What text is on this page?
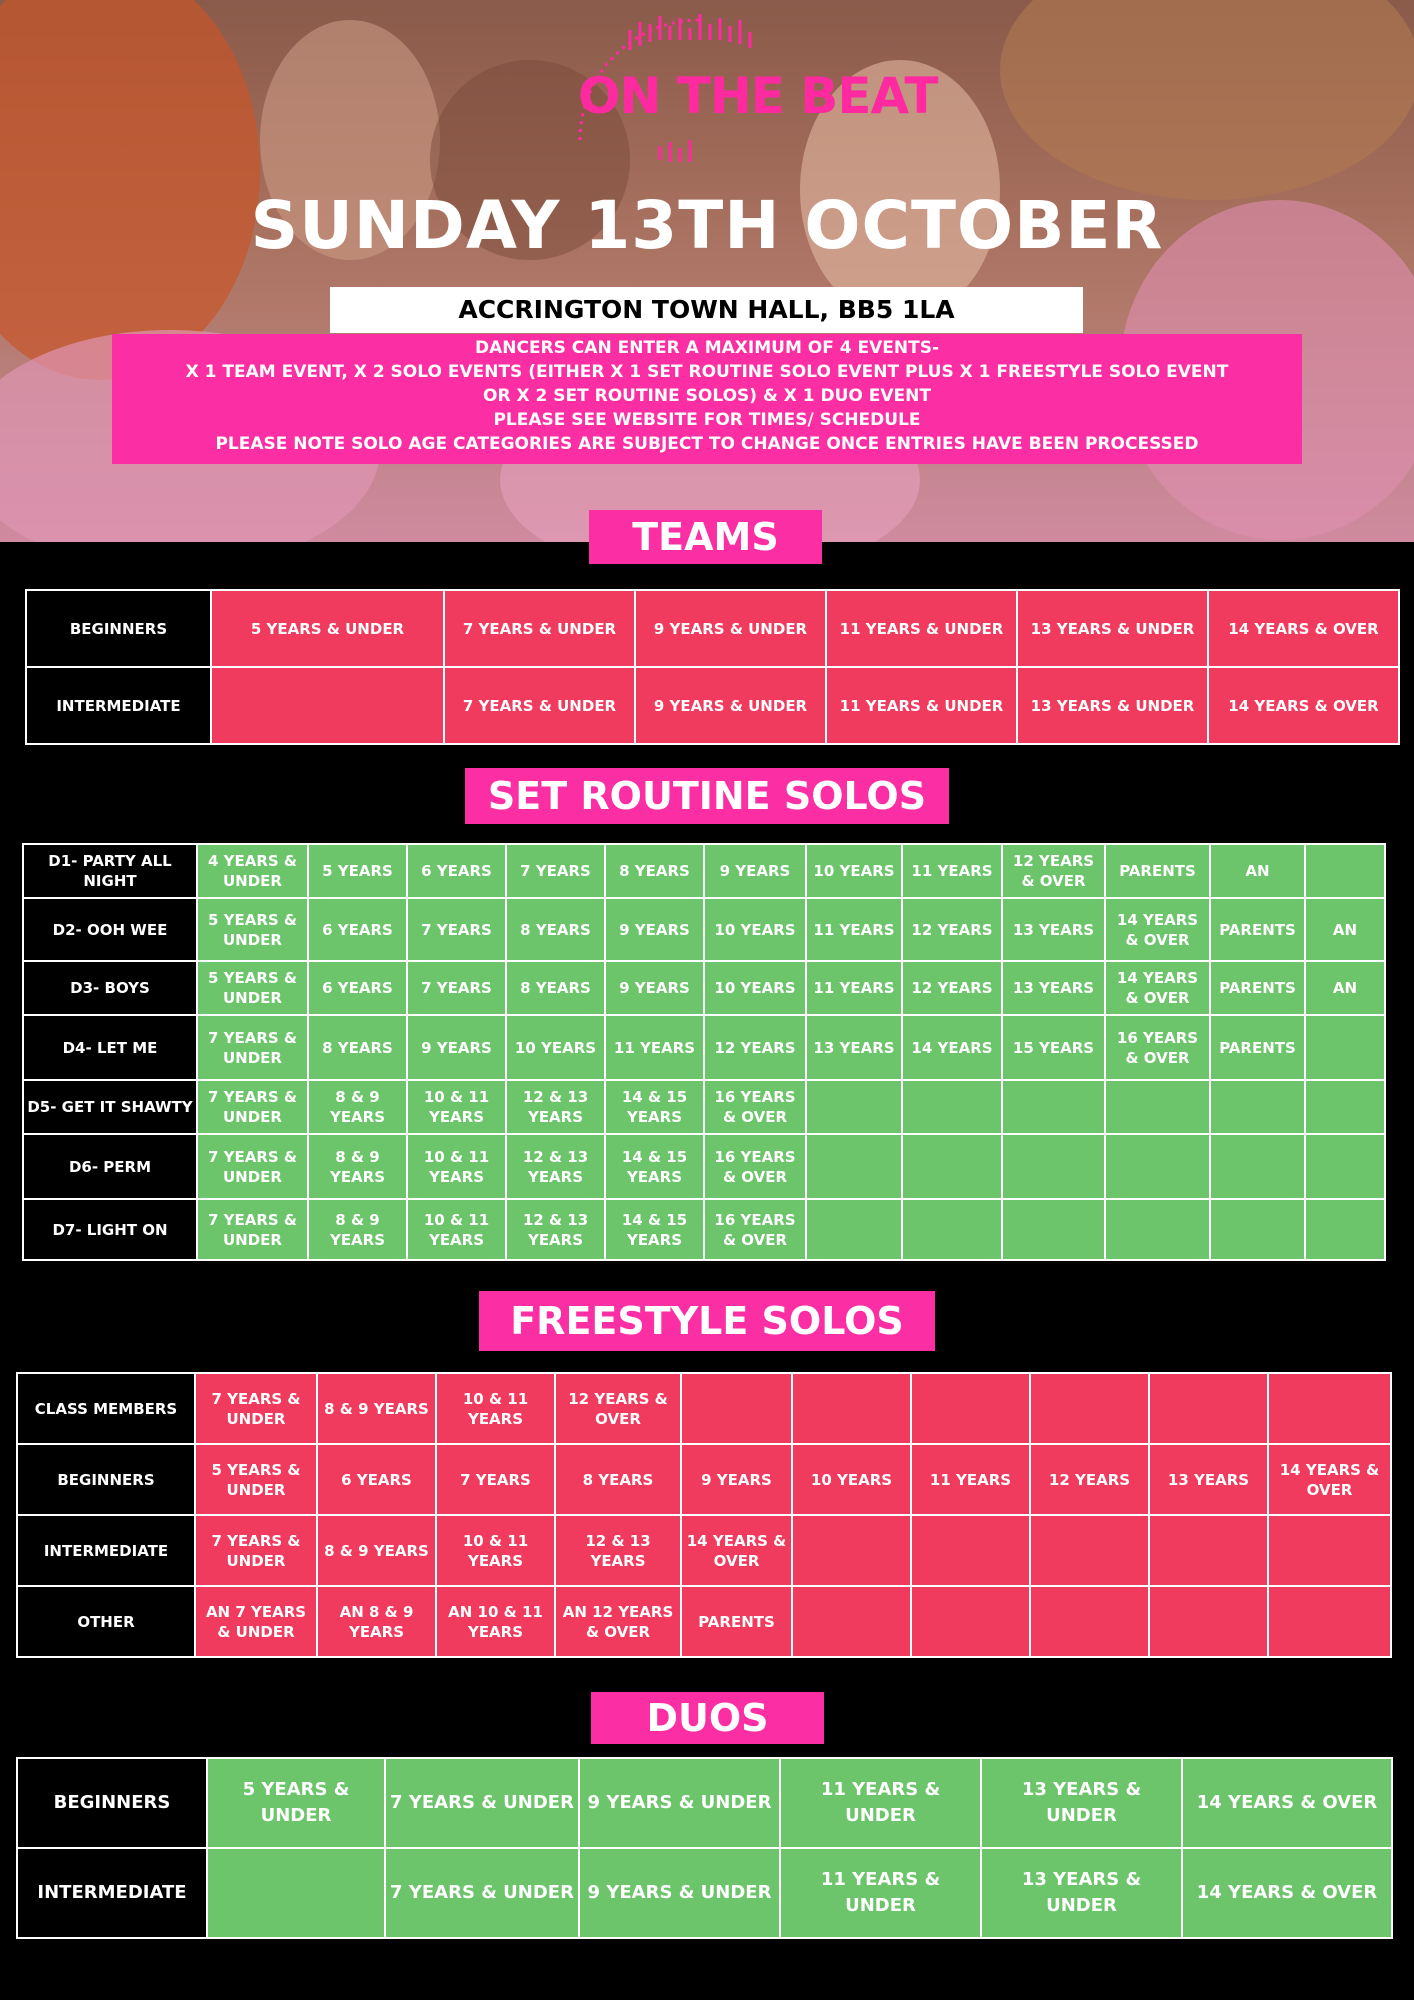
ON THE BEAT
SUNDAY 13TH OCTOBER
ACCRINGTON TOWN HALL, BB5 1LA
DANCERS CAN ENTER A MAXIMUM OF 4 EVENTS-
X 1 TEAM EVENT, X 2 SOLO EVENTS (EITHER X 1 SET ROUTINE SOLO EVENT PLUS X 1 FREESTYLE SOLO EVENT
OR X 2 SET ROUTINE SOLOS) & X 1 DUO EVENT
PLEASE SEE WEBSITE FOR TIMES/ SCHEDULE
PLEASE NOTE SOLO AGE CATEGORIES ARE SUBJECT TO CHANGE ONCE ENTRIES HAVE BEEN PROCESSED
TEAMS
BEGINNERS	5 YEARS & UNDER	7 YEARS & UNDER	9 YEARS & UNDER	11 YEARS & UNDER	13 YEARS & UNDER	14 YEARS & OVER
INTERMEDIATE		7 YEARS & UNDER	9 YEARS & UNDER	11 YEARS & UNDER	13 YEARS & UNDER	14 YEARS & OVER
SET ROUTINE SOLOS
D1- PARTY ALL NIGHT	4 YEARS & UNDER	5 YEARS	6 YEARS	7 YEARS	8 YEARS	9 YEARS	10 YEARS	11 YEARS	12 YEARS & OVER	PARENTS	AN	
D2- OOH WEE	5 YEARS & UNDER	6 YEARS	7 YEARS	8 YEARS	9 YEARS	10 YEARS	11 YEARS	12 YEARS	13 YEARS	14 YEARS & OVER	PARENTS	AN
D3- BOYS	5 YEARS & UNDER	6 YEARS	7 YEARS	8 YEARS	9 YEARS	10 YEARS	11 YEARS	12 YEARS	13 YEARS	14 YEARS & OVER	PARENTS	AN
D4- LET ME	7 YEARS & UNDER	8 YEARS	9 YEARS	10 YEARS	11 YEARS	12 YEARS	13 YEARS	14 YEARS	15 YEARS	16 YEARS & OVER	PARENTS	
D5- GET IT SHAWTY	7 YEARS & UNDER	8 & 9 YEARS	10 & 11 YEARS	12 & 13 YEARS	14 & 15 YEARS	16 YEARS & OVER						
D6- PERM	7 YEARS & UNDER	8 & 9 YEARS	10 & 11 YEARS	12 & 13 YEARS	14 & 15 YEARS	16 YEARS & OVER						
D7- LIGHT ON	7 YEARS & UNDER	8 & 9 YEARS	10 & 11 YEARS	12 & 13 YEARS	14 & 15 YEARS	16 YEARS & OVER						
FREESTYLE SOLOS
CLASS MEMBERS	7 YEARS & UNDER	8 & 9 YEARS	10 & 11 YEARS	12 YEARS & OVER						
BEGINNERS	5 YEARS & UNDER	6 YEARS	7 YEARS	8 YEARS	9 YEARS	10 YEARS	11 YEARS	12 YEARS	13 YEARS	14 YEARS & OVER
INTERMEDIATE	7 YEARS & UNDER	8 & 9 YEARS	10 & 11 YEARS	12 & 13 YEARS	14 YEARS & OVER					
OTHER	AN 7 YEARS & UNDER	AN 8 & 9 YEARS	AN 10 & 11 YEARS	AN 12 YEARS & OVER	PARENTS					
DUOS
BEGINNERS	5 YEARS & UNDER	7 YEARS & UNDER	9 YEARS & UNDER	11 YEARS & UNDER	13 YEARS & UNDER	14 YEARS & OVER
INTERMEDIATE		7 YEARS & UNDER	9 YEARS & UNDER	11 YEARS & UNDER	13 YEARS & UNDER	14 YEARS & OVER
